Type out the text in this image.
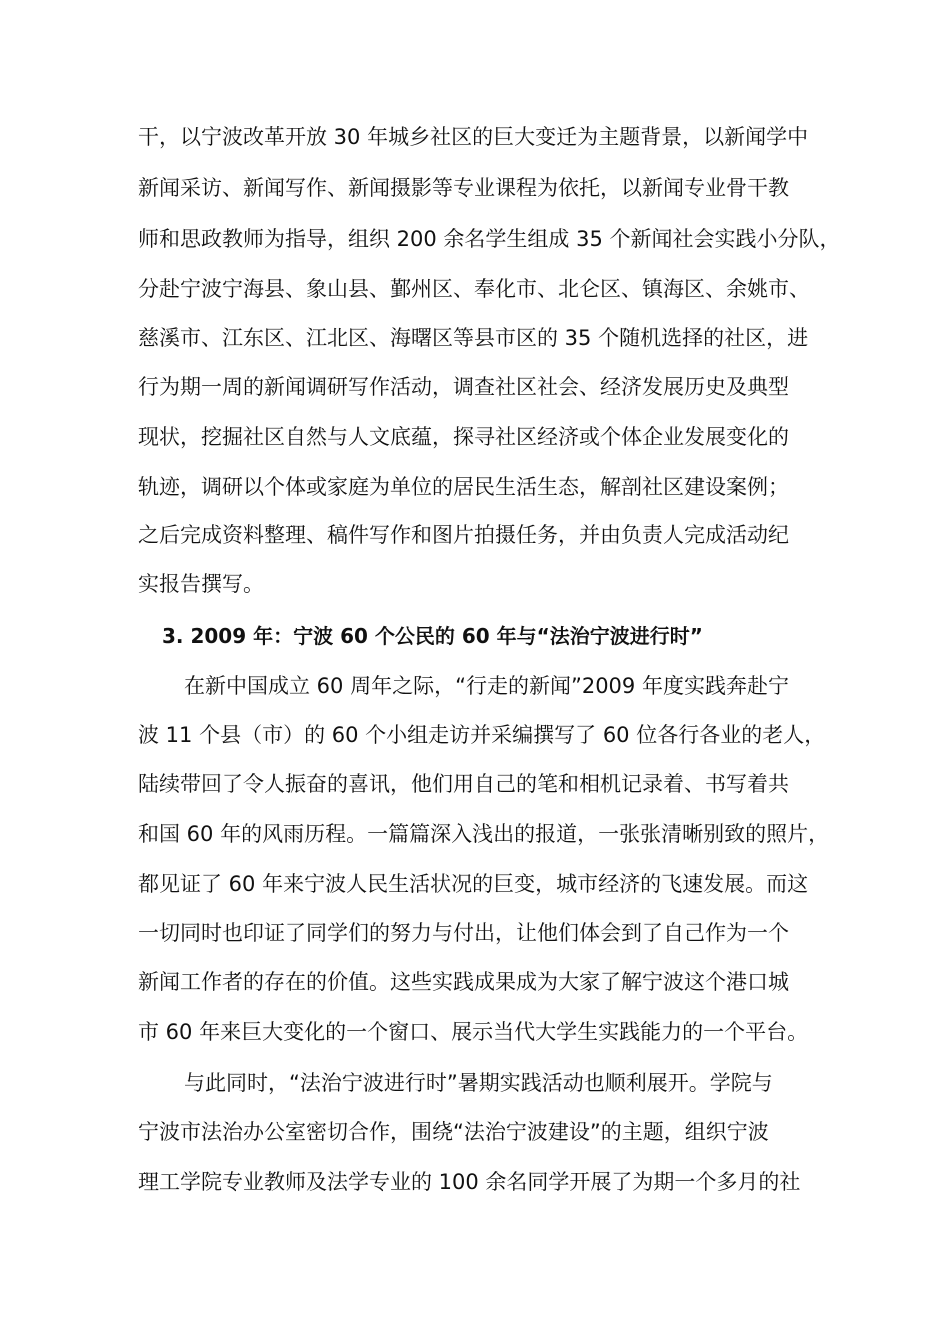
干，以宁波改革开放 30 年城乡社区的巨大变迁为主题背景，以新闻学中
新闻采访、新闻写作、新闻摄影等专业课程为依托，以新闻专业骨干教
师和思政教师为指导，组织 200 余名学生组成 35 个新闻社会实践小分队，
分赴宁波宁海县、象山县、鄞州区、奉化市、北仑区、镇海区、余姚市、
慈溪市、江东区、江北区、海曙区等县市区的 35 个随机选择的社区，进
行为期一周的新闻调研写作活动，调查社区社会、经济发展历史及典型
现状，挖掘社区自然与人文底蕴，探寻社区经济或个体企业发展变化的
轨迹，调研以个体或家庭为单位的居民生活生态，解剖社区建设案例；
之后完成资料整理、稿件写作和图片拍摄任务，并由负责人完成活动纪
实报告撰写。
3. 2009 年：宁波 60 个公民的 60 年与“法治宁波进行时”
在新中国成立 60 周年之际，“行走的新闻”2009 年度实践奔赴宁
波 11 个县（市）的 60 个小组走访并采编撰写了 60 位各行各业的老人，
陆续带回了令人振奋的喜讯，他们用自己的笔和相机记录着、书写着共
和国 60 年的风雨历程。一篇篇深入浅出的报道，一张张清晰别致的照片，
都见证了 60 年来宁波人民生活状况的巨变，城市经济的飞速发展。而这
一切同时也印证了同学们的努力与付出，让他们体会到了自己作为一个
新闻工作者的存在的价值。这些实践成果成为大家了解宁波这个港口城
市 60 年来巨大变化的一个窗口、展示当代大学生实践能力的一个平台。
与此同时，“法治宁波进行时”暑期实践活动也顺利展开。学院与
宁波市法治办公室密切合作，围绕“法治宁波建设”的主题，组织宁波
理工学院专业教师及法学专业的 100 余名同学开展了为期一个多月的社
